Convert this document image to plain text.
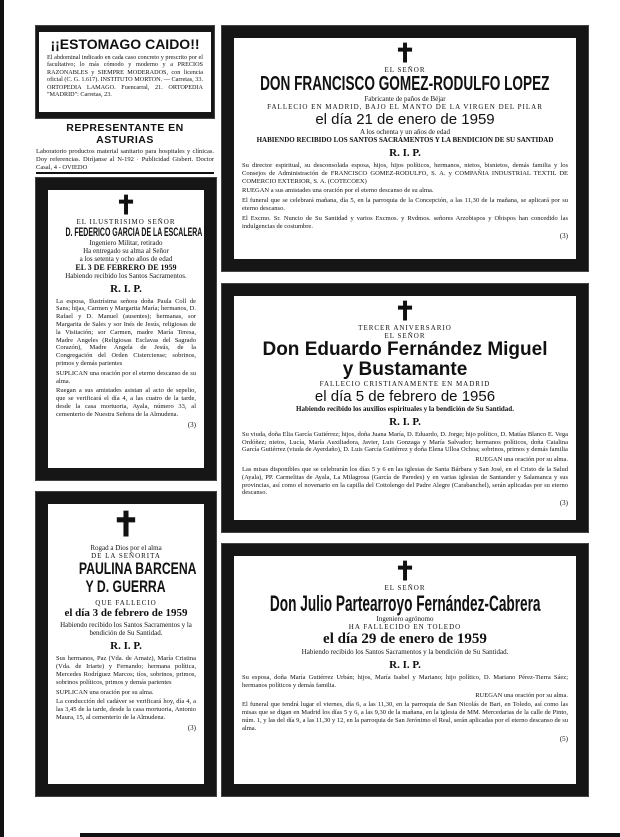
¡¡ESTOMAGO CAIDO!!
El abdominal indicado en cada caso concreto y prescrito por el facultativo; lo más cómodo y moderno y a PRECIOS RAZONABLES y SIEMPRE MODERADOS, con licencia oficial (C. G. 1.617). INSTITUTO MORTON. — Carretas, 33. ORTOPEDIA LAMAGO. Fuencarral, 21. ORTOPEDIA "MADRID": Carretas, 23.
REPRESENTANTE EN ASTURIAS
Laboratorio productos material sanitario para hospitales y clínicas. Doy referencias. Diríjanse al N-192 · Publicidad Gisbert. Doctor Casal, 4 - OVIEDO
✝
EL ILUSTRISIMO SEÑOR
D. FEDERICO GARCIA DE LA ESCALERA
Ingeniero Militar, retirado
Ha entregado su alma al Señor
a los setenta y ocho años de edad
EL 3 DE FEBRERO DE 1959
Habiendo recibido los Santos Sacramentos.
R. I. P.
La esposa, Ilustrísima señora doña Paula Coll de Sans; hijas, Carmen y Margarita María; hermanos, D. Rafael y D. Manuel (ausentes); hermanas, sor Margarita de Sales y sor Inés de Jesús, religiosas de la Visitación; sor Carmen, madre María Teresa, Madre Angeles (Religiosas Esclavas del Sagrado Corazón), Madre Angela de Jesús, de la Congregación del Orden Cisterciense; sobrinos, primos y demás parientes
SUPLICAN una oración por el eterno descanso de su alma.
Ruegan a sus amistades asistan al acto de sepelio, que se verificará el día 4, a las cuatro de la tarde, desde la casa mortuoria, Ayala, número 33, al cementerio de Nuestra Señora de la Almudena.
(3)
✝
Rogad a Dios por el alma
DE LA SEÑORITA
PAULINA BARCENA
Y D. GUERRA
QUE FALLECIO
el día 3 de febrero de 1959
Habiendo recibido los Santos Sacramentos y la bendición de Su Santidad.
R. I. P.
Sus hermanos, Paz (Vda. de Arnaiz), María Cristina (Vda. de Iriarte) y Fernando; hermana política, Mercedes Rodríguez Marcos; tíos, sobrinos, primos, sobrinos políticos, primos y demás parientes
SUPLICAN una oración por su alma.
La conducción del cadáver se verificará hoy, día 4, a las 3,45 de la tarde, desde la casa mortuoria, Antonio Maura, 15, al cementerio de la Almudena.
(3)
✝
EL SEÑOR
DON FRANCISCO GOMEZ-RODULFO LOPEZ
Fabricante de paños de Béjar
FALLECIO EN MADRID, BAJO EL MANTO DE LA VIRGEN DEL PILAR
el día 21 de enero de 1959
A los ochenta y un años de edad
HABIENDO RECIBIDO LOS SANTOS SACRAMENTOS Y LA BENDICION DE SU SANTIDAD
R. I. P.
Su director espiritual, su desconsolada esposa, hijos, hijos políticos, hermanos, nietos, bisnietos, demás familia y los Consejos de Administración de FRANCISCO GOMEZ-RODULFO, S. A. y COMPAÑIA INDUSTRIAL TEXTIL DE COMERCIO EXTERIOR, S. A. (COTECOEX)
RUEGAN a sus amistades una oración por el eterno descanso de su alma.
El funeral que se celebrará mañana, día 5, en la parroquia de la Concepción, a las 11,30 de la mañana, se aplicará por su eterno descanso.
El Excmo. Sr. Nuncio de Su Santidad y varios Excmos. y Rvdmos. señores Arzobispos y Obispos han concedido las indulgencias de costumbre.
(3)
✝
TERCER ANIVERSARIO
EL SEÑOR
Don Eduardo Fernández Miguel
y Bustamante
FALLECIO CRISTIANAMENTE EN MADRID
el día 5 de febrero de 1956
Habiendo recibido los auxilios espirituales y la bendición de Su Santidad.
R. I. P.
Su viuda, doña Elia García Gutiérrez; hijos, doña Juana María, D. Eduardo, D. Jorge; hijo político, D. Matías Blanco E. Vega Ordóñez; nietos, Lucía, María Auxiliadora, Javier, Luis Gonzaga y María Salvador; hermanos políticos, doña Catalina García Gutiérrez (viuda de Ayerdaño), D. Luis García Gutiérrez y doña Elena Ulloa Ochoa; sobrinos, primos y demás familia
RUEGAN una oración por su alma.
Las misas disponibles que se celebrarán los días 5 y 6 en las iglesias de Santa Bárbara y San José, en el Cristo de la Salud (Ayala), PP. Carmelitas de Ayala, La Milagrosa (García de Paredes) y en varias iglesias de Santander y Salamanca y sus provincias, así como el novenario en la capilla del Cottolengo del Padre Alegre (Carabanchel), serán aplicadas por su eterno descanso.
(3)
✝
EL SEÑOR
Don Julio Partearroyo Fernández-Cabrera
Ingeniero agrónomo
HA FALLECIDO EN TOLEDO
el día 29 de enero de 1959
Habiendo recibido los Santos Sacramentos y la bendición de Su Santidad.
R. I. P.
Su esposa, doña María Gutiérrez Urbán; hijos, María Isabel y Mariano; hijo político, D. Mariano Pérez-Tierra Sáez; hermanos políticos y demás familia.
RUEGAN una oración por su alma.
El funeral que tendrá lugar el viernes, día 6, a las 11,30, en la parroquia de San Nicolás de Bari, en Toledo, así como las misas que se digan en Madrid los días 5 y 6, a las 9,30 de la mañana, en la iglesia de MM. Mercedarias de la calle de Pinto, núm. 1, y las del día 9, a las 11,30 y 12, en la parroquia de San Jerónimo el Real, serán aplicadas por el eterno descanso de su alma.
(5)
